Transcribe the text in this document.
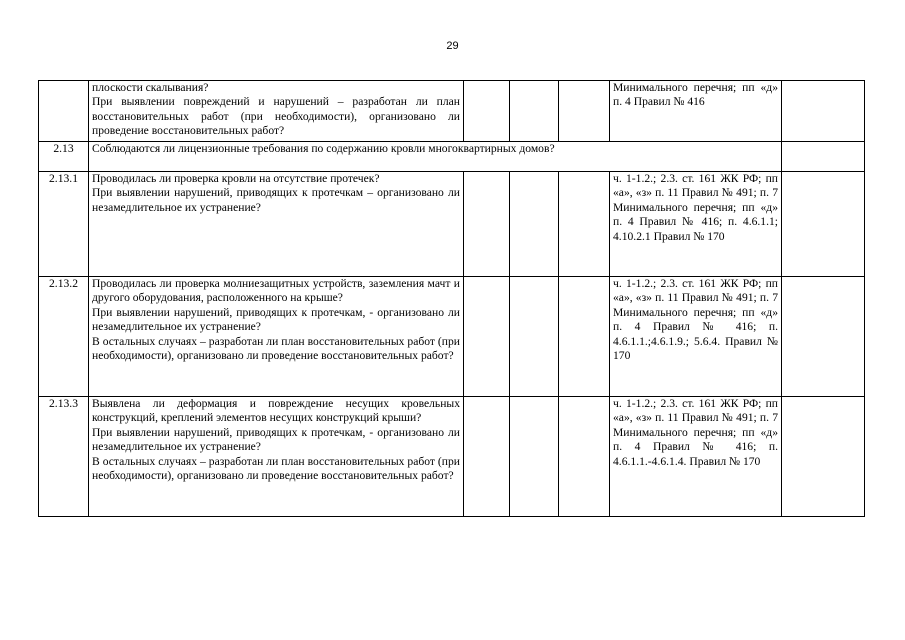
29

	плоскости скалывания?

При выявлении повреждений и нарушений – разработан ли план восстановительных работ (при необходимости), организовано ли проведение восстановительных работ?				Минимального перечня; пп «д» п. 4 Правил № 416	

2.13	Соблюдаются ли лицензионные требования по содержанию кровли многоквартирных домов?					
2.13.1	Проводилась ли проверка кровли на отсутствие протечек?

При выявлении нарушений, приводящих к протечкам – организовано ли незамедлительное их устранение?				ч. 1-1.2.; 2.3. ст. 161 ЖК РФ; пп «а», «з» п. 11 Правил № 491; п. 7 Минимального перечня; пп «д» п. 4 Правил № 416; п. 4.6.1.1; 4.10.2.1 Правил № 170	

2.13.2	Проводилась ли проверка молниезащитных устройств, заземления мачт и другого оборудования, расположенного на крыше?

При выявлении нарушений, приводящих к протечкам, - организовано ли незамедлительное их устранение?

В остальных случаях – разработан ли план восстановительных работ (при необходимости), организовано ли проведение восстановительных работ?				ч. 1-1.2.; 2.3. ст. 161 ЖК РФ; пп «а», «з» п. 11 Правил № 491; п. 7 Минимального перечня; пп «д» п. 4 Правил № 416; п. 4.6.1.1.;4.6.1.9.; 5.6.4. Правил № 170	

2.13.3	Выявлена ли деформация и повреждение несущих кровельных конструкций, креплений элементов несущих конструкций крыши?

При выявлении нарушений, приводящих к протечкам, - организовано ли незамедлительное их устранение?

В остальных случаях – разработан ли план восстановительных работ (при необходимости), организовано ли проведение восстановительных работ?				ч. 1-1.2.; 2.3. ст. 161 ЖК РФ; пп «а», «з» п. 11 Правил № 491; п. 7 Минимального перечня; пп «д» п. 4 Правил № 416; п. 4.6.1.1.-4.6.1.4. Правил № 170	
